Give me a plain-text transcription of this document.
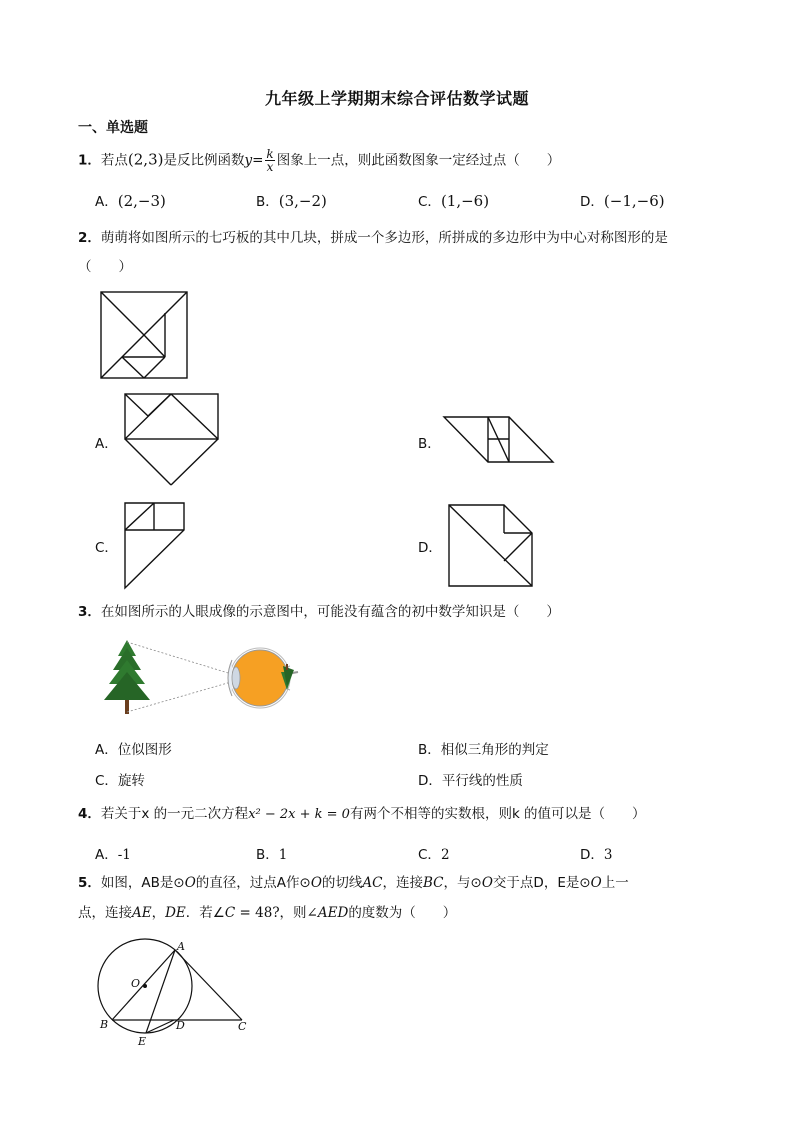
九年级上学期期末综合评估数学试题
一、单选题
1．若点(2,3)是反比例函数$y= \frac{k}{x}$ 图象上一点，则此函数图象一定经过点（　　）
A．(2,−3)	B．(3,−2)	C．(1,−6)	D．(−1,−6)
2．萌萌将如图所示的七巧板的其中几块，拼成一个多边形，所拼成的多边形中为中心对称图形的是
（　　）
A．	B．
C．	D．
3．在如图所示的人眼成像的示意图中，可能没有蕴含的初中数学知识是（　　）
A．位似图形	B．相似三角形的判定
C．旋转	D．平行线的性质
4．若关于x 的一元二次方程x² − 2x + k = 0有两个不相等的实数根，则k 的值可以是（　　）
A．-1	B．1	C．2	D．3
5．如图，AB是⊙O的直径，过点A作⊙O的切线AC，连接BC，与⊙O交于点D，E是⊙O上一
点，连接AE，DE．若∠C = 48?，则∠AED的度数为（　　）
A
O
B
E
D	C
